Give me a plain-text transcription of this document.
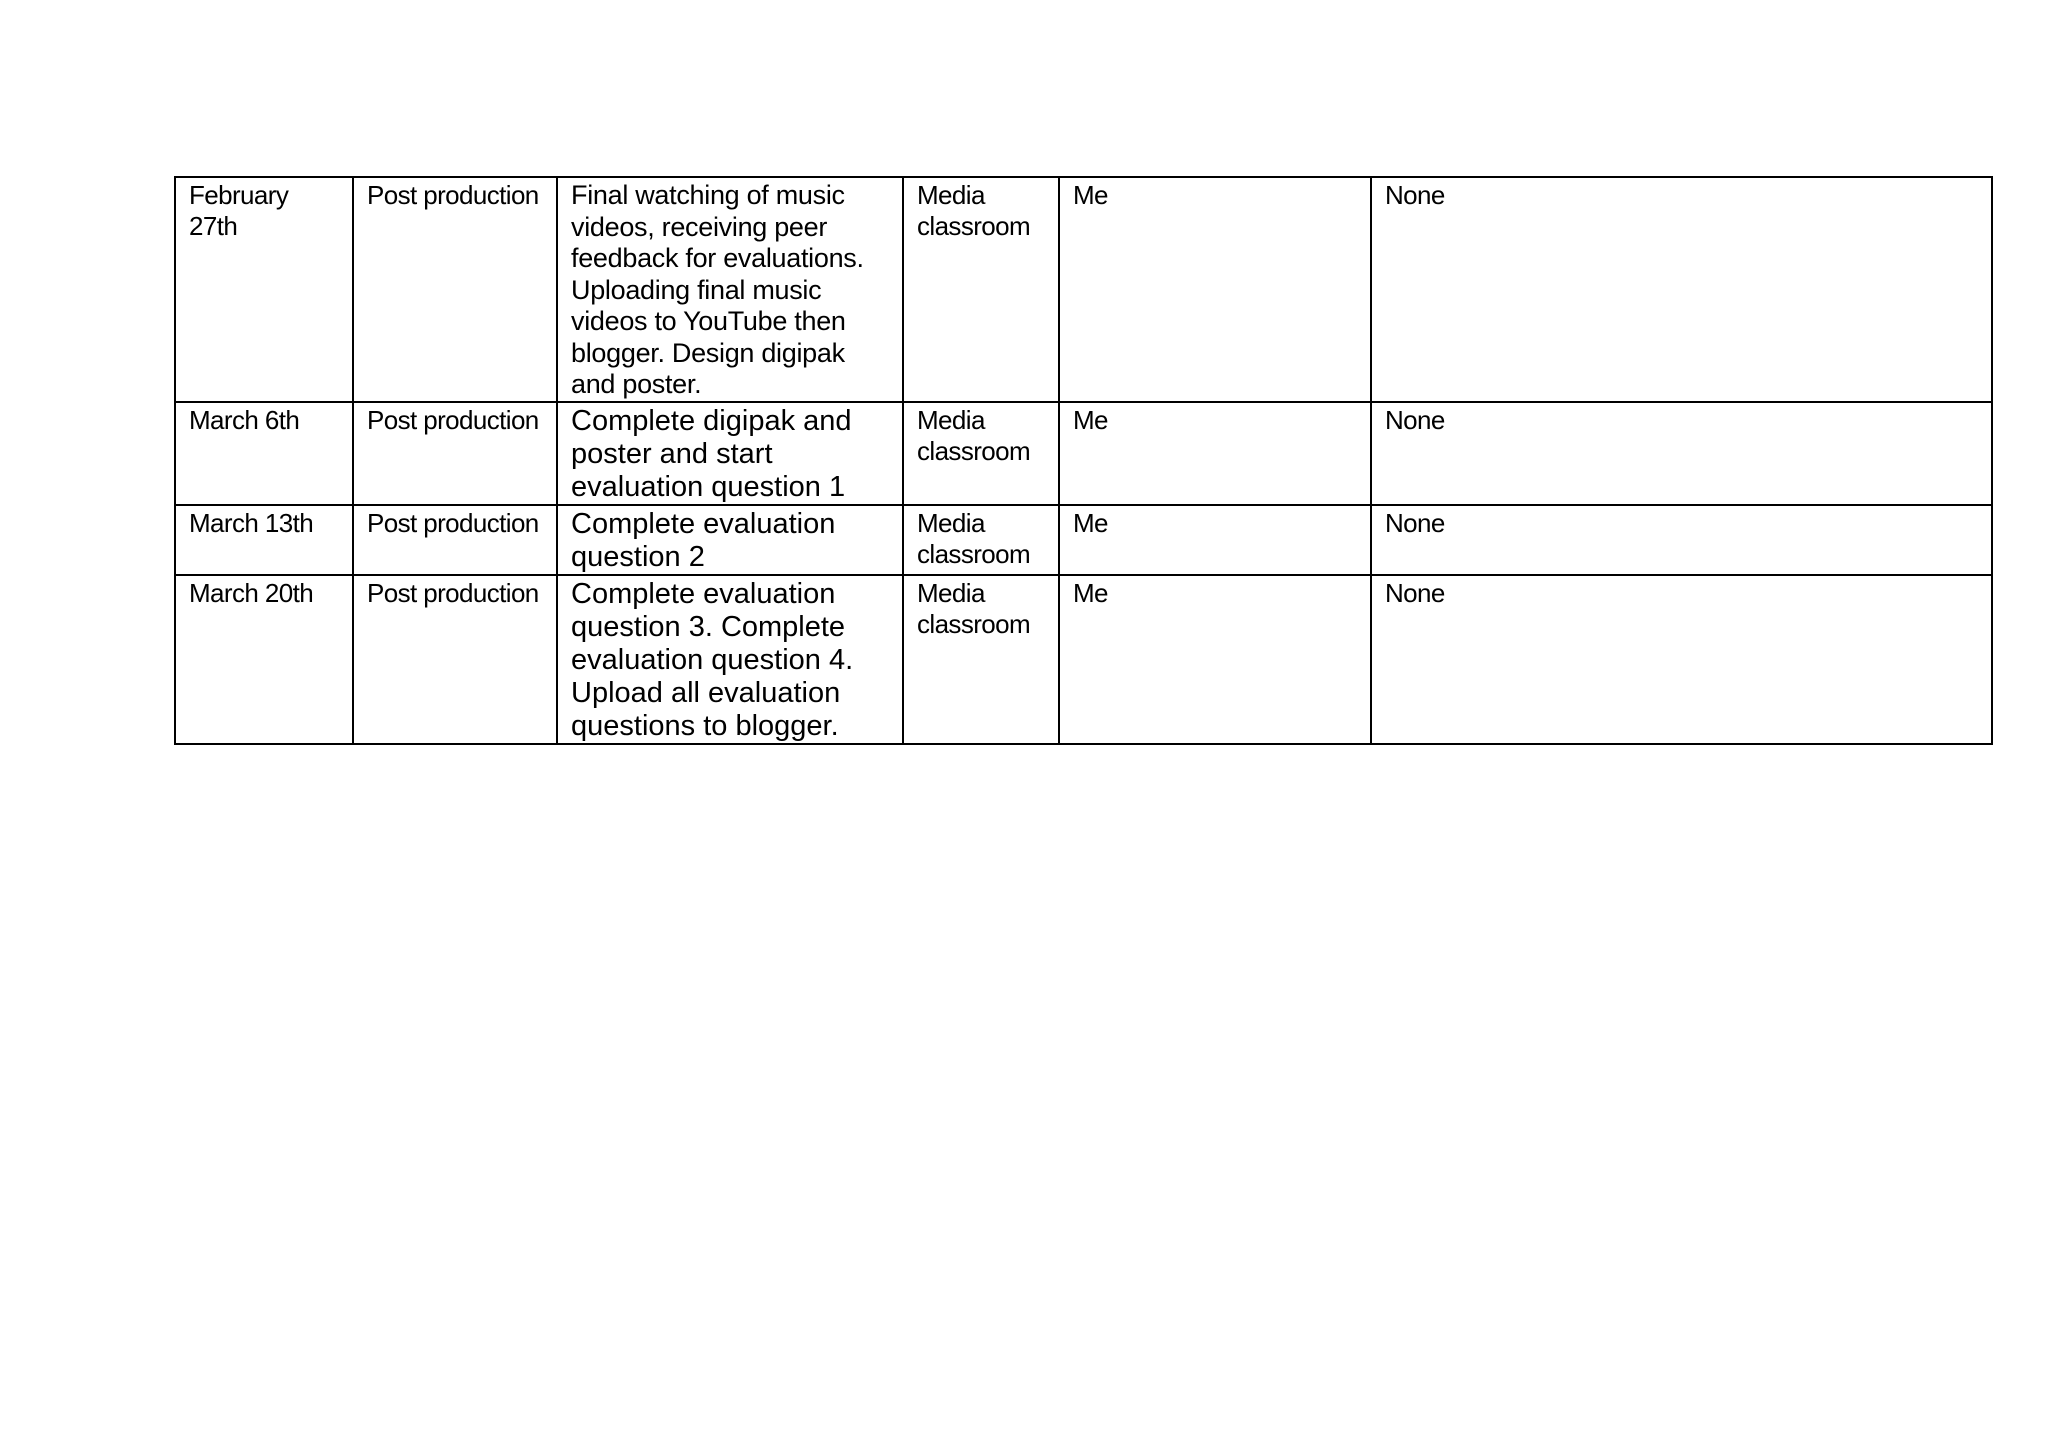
February 27th	Post production	Final watching of music videos, receiving peer feedback for evaluations. Uploading final music videos to YouTube then blogger. Design digipak and poster.	Media classroom	Me	None

March 6th	Post production	Complete digipak and poster and start evaluation question 1	Media classroom	Me	None

March 13th	Post production	Complete evaluation question 2	Media classroom	Me	None

March 20th	Post production	Complete evaluation question 3. Complete evaluation question 4. Upload all evaluation questions to blogger.	Media classroom	Me	None
